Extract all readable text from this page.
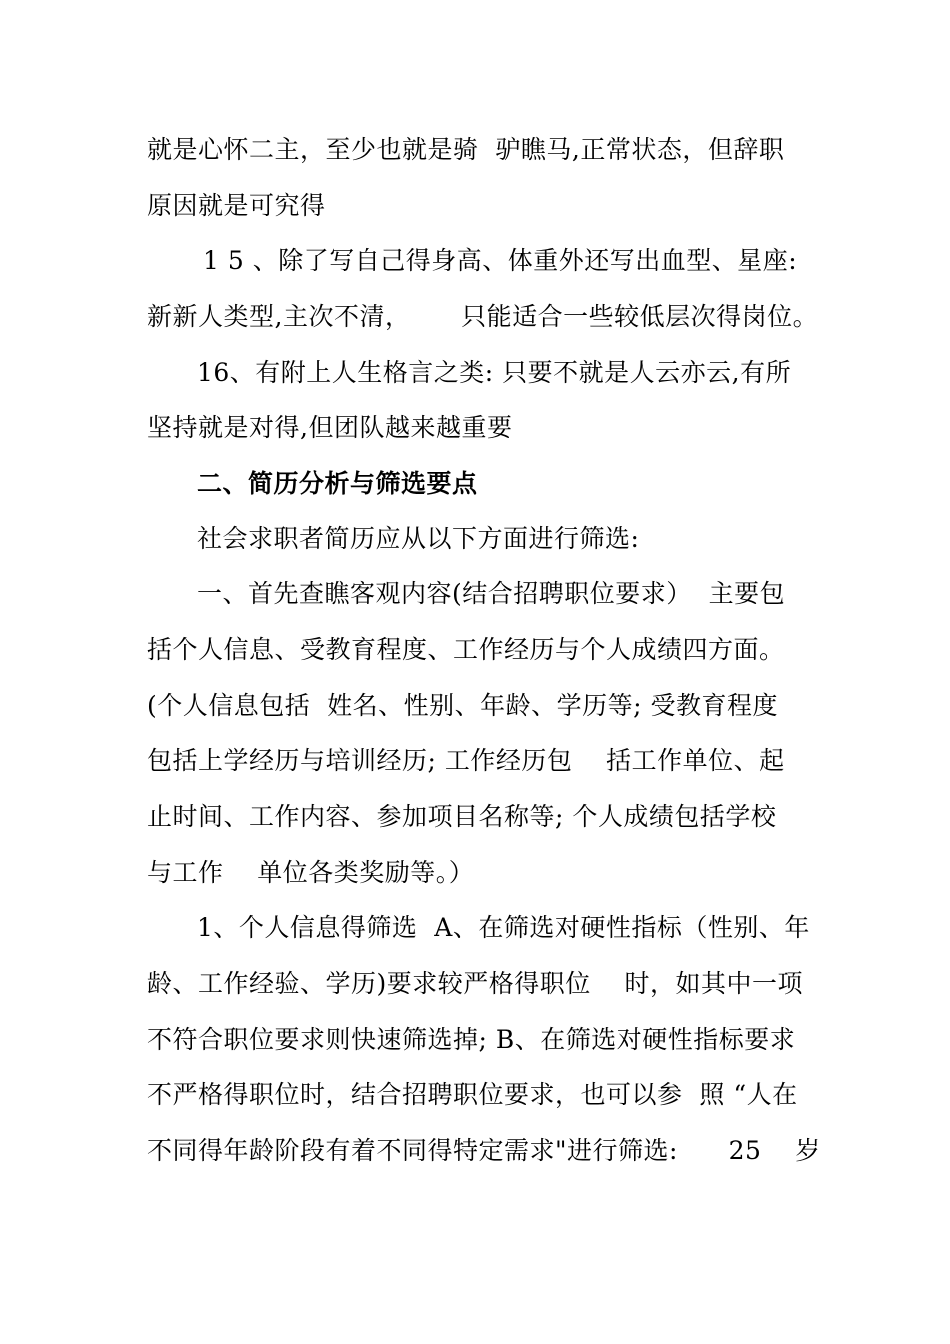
就是心怀二主，至少也就是骑  驴瞧马,正常状态，但辞职
原因就是可究得
1 5 、除了写自己得身高、体重外还写出血型、星座:
新新人类型,主次不清，      只能适合一些较低层次得岗位。
16、有附上人生格言之类: 只要不就是人云亦云,有所
坚持就是对得,但团队越来越重要
二、简历分析与筛选要点
社会求职者简历应从以下方面进行筛选:
一、首先查瞧客观内容(结合招聘职位要求）  主要包
括个人信息、受教育程度、工作经历与个人成绩四方面。
(个人信息包括  姓名、性别、年龄、学历等; 受教育程度
包括上学经历与培训经历; 工作经历包    括工作单位、起
止时间、工作内容、参加项目名称等; 个人成绩包括学校
与工作    单位各类奖励等。）
1、个人信息得筛选  A、在筛选对硬性指标（性别、年
龄、工作经验、学历)要求较严格得职位    时，如其中一项
不符合职位要求则快速筛选掉; B、在筛选对硬性指标要求
不严格得职位时，结合招聘职位要求，也可以参  照 “人在
不同得年龄阶段有着不同得特定需求"进行筛选:      25    岁
